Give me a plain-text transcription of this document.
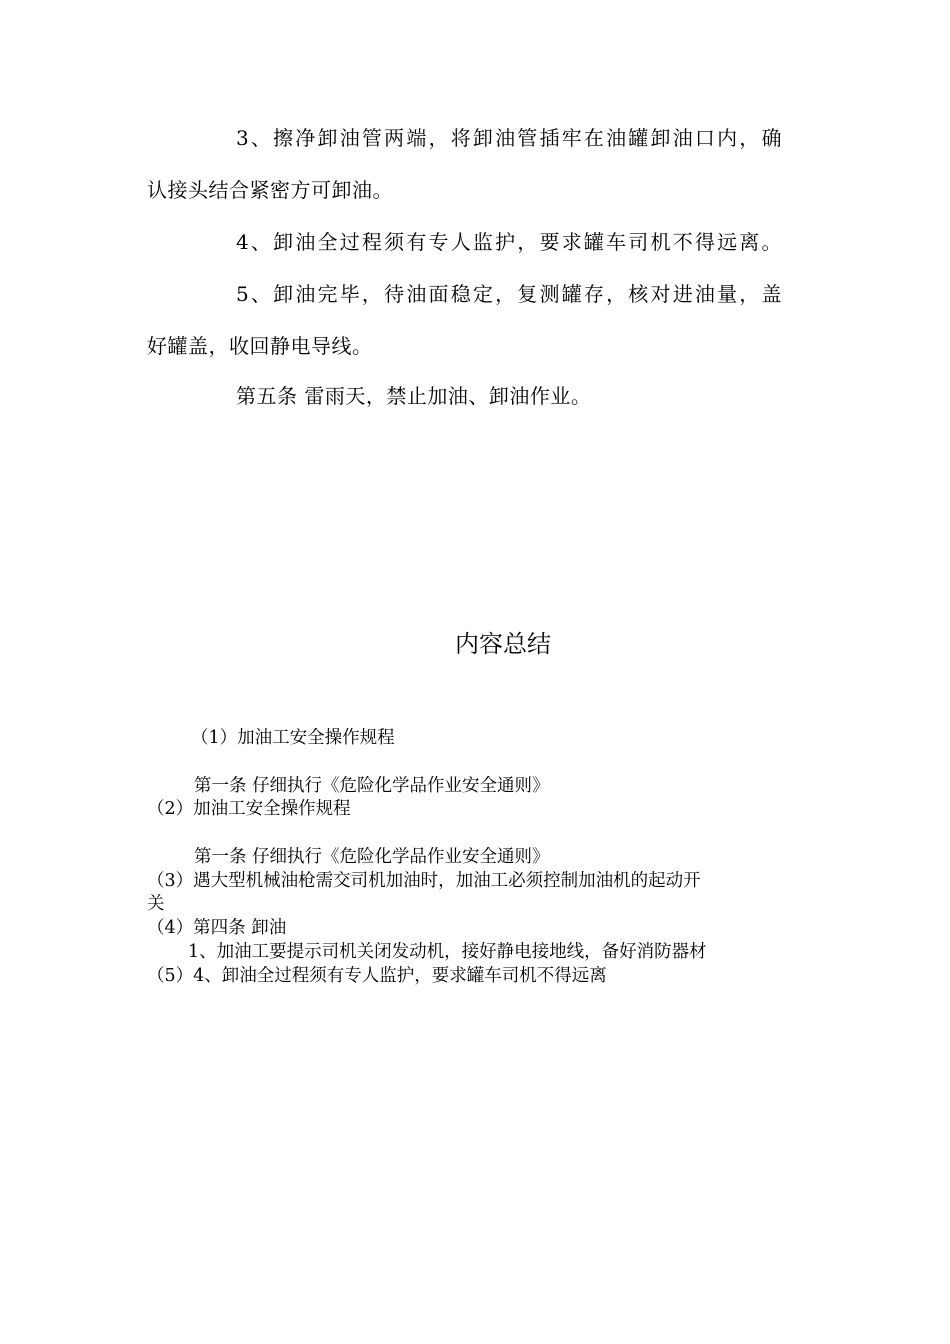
3、擦净卸油管两端，将卸油管插牢在油罐卸油口内，确

认接头结合紧密方可卸油。

4、卸油全过程须有专人监护，要求罐车司机不得远离。

5、卸油完毕，待油面稳定，复测罐存，核对进油量，盖

好罐盖，收回静电导线。

第五条 雷雨天，禁止加油、卸油作业。

内容总结

（1）加油工安全操作规程

第一条 仔细执行《危险化学品作业安全通则》

（2）加油工安全操作规程

第一条 仔细执行《危险化学品作业安全通则》

（3）遇大型机械油枪需交司机加油时，加油工必须控制加油机的起动开

关

（4）第四条 卸油

1、加油工要提示司机关闭发动机，接好静电接地线，备好消防器材

（5）4、卸油全过程须有专人监护，要求罐车司机不得远离
